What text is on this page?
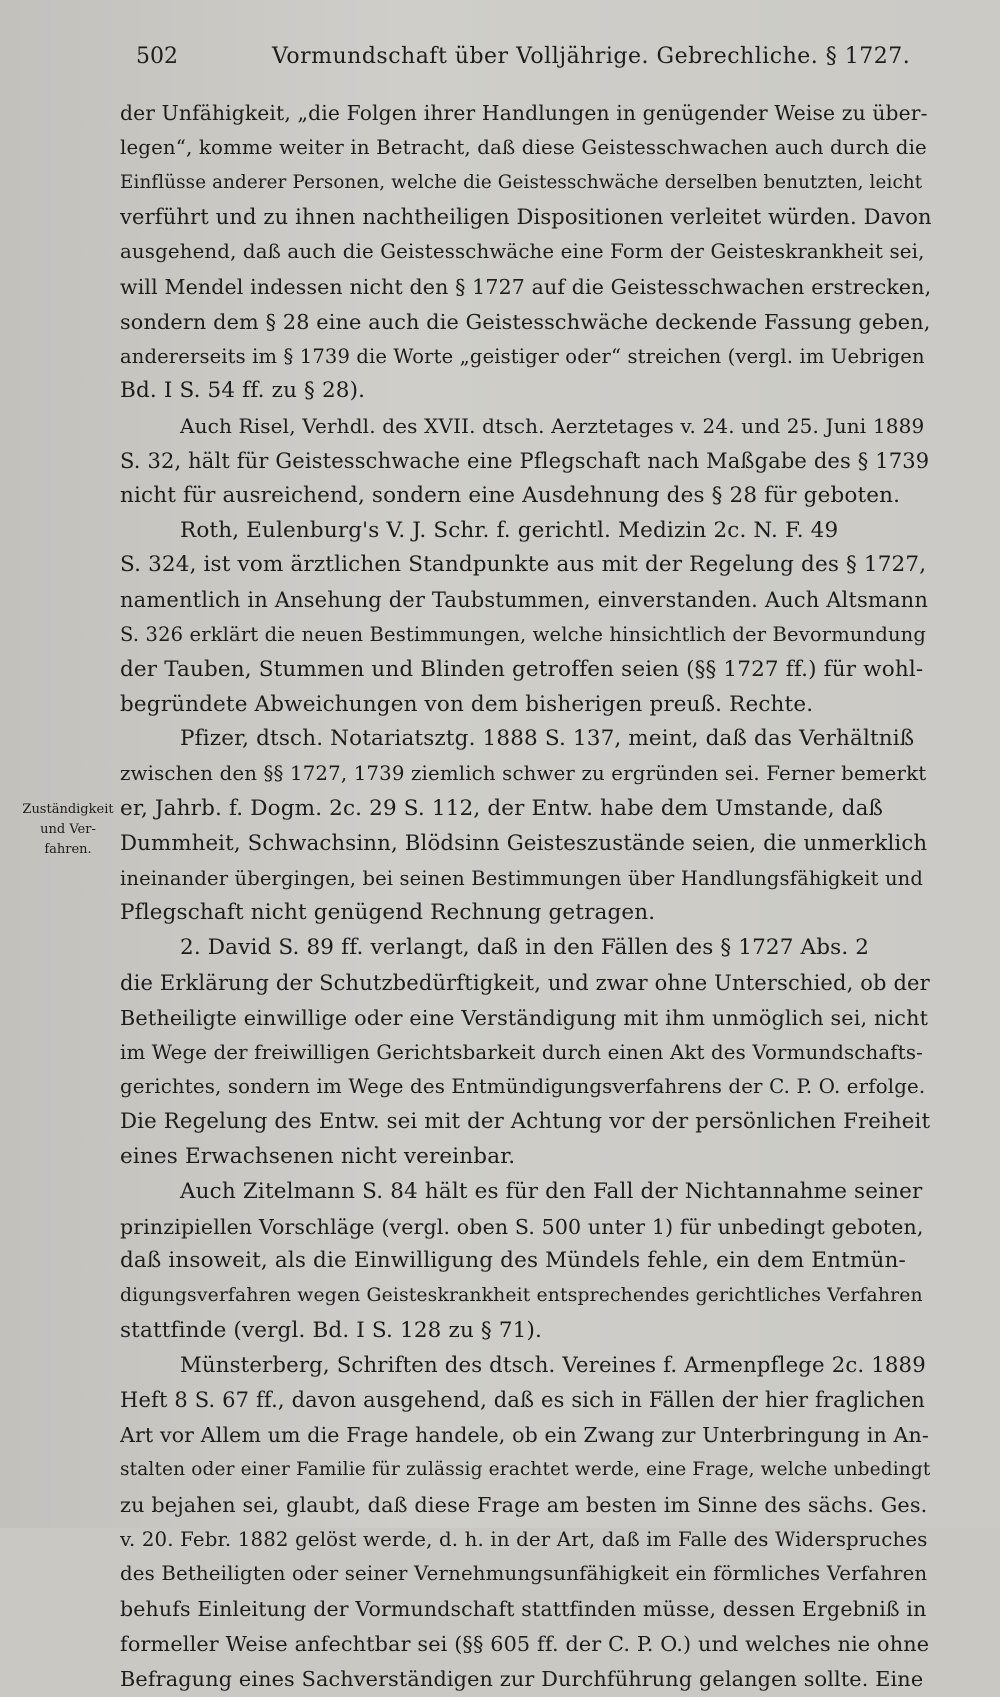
502	Vormundschaft über Volljährige. Gebrechliche. § 1727.
Zuständigkeit
und Ver-
fahren.
der Unfähigkeit, „die Folgen ihrer Handlungen in genügender Weise zu über-
legen“, komme weiter in Betracht, daß diese Geistesschwachen auch durch die
Einflüsse anderer Personen, welche die Geistesschwäche derselben benutzten, leicht
verführt und zu ihnen nachtheiligen Dispositionen verleitet würden. Davon
ausgehend, daß auch die Geistesschwäche eine Form der Geisteskrankheit sei,
will Mendel indessen nicht den § 1727 auf die Geistesschwachen erstrecken,
sondern dem § 28 eine auch die Geistesschwäche deckende Fassung geben,
andererseits im § 1739 die Worte „geistiger oder“ streichen (vergl. im Uebrigen
Bd. I S. 54 ff. zu § 28).
Auch Risel, Verhdl. des XVII. dtsch. Aerztetages v. 24. und 25. Juni 1889
S. 32, hält für Geistesschwache eine Pflegschaft nach Maßgabe des § 1739
nicht für ausreichend, sondern eine Ausdehnung des § 28 für geboten.
Roth, Eulenburg's V. J. Schr. f. gerichtl. Medizin 2c. N. F. 49
S. 324, ist vom ärztlichen Standpunkte aus mit der Regelung des § 1727,
namentlich in Ansehung der Taubstummen, einverstanden. Auch Altsmann
S. 326 erklärt die neuen Bestimmungen, welche hinsichtlich der Bevormundung
der Tauben, Stummen und Blinden getroffen seien (§§ 1727 ff.) für wohl-
begründete Abweichungen von dem bisherigen preuß. Rechte.
Pfizer, dtsch. Notariatsztg. 1888 S. 137, meint, daß das Verhältniß
zwischen den §§ 1727, 1739 ziemlich schwer zu ergründen sei. Ferner bemerkt
er, Jahrb. f. Dogm. 2c. 29 S. 112, der Entw. habe dem Umstande, daß
Dummheit, Schwachsinn, Blödsinn Geisteszustände seien, die unmerklich
ineinander übergingen, bei seinen Bestimmungen über Handlungsfähigkeit und
Pflegschaft nicht genügend Rechnung getragen.
2. David S. 89 ff. verlangt, daß in den Fällen des § 1727 Abs. 2
die Erklärung der Schutzbedürftigkeit, und zwar ohne Unterschied, ob der
Betheiligte einwillige oder eine Verständigung mit ihm unmöglich sei, nicht
im Wege der freiwilligen Gerichtsbarkeit durch einen Akt des Vormundschafts-
gerichtes, sondern im Wege des Entmündigungsverfahrens der C. P. O. erfolge.
Die Regelung des Entw. sei mit der Achtung vor der persönlichen Freiheit
eines Erwachsenen nicht vereinbar.
Auch Zitelmann S. 84 hält es für den Fall der Nichtannahme seiner
prinzipiellen Vorschläge (vergl. oben S. 500 unter 1) für unbedingt geboten,
daß insoweit, als die Einwilligung des Mündels fehle, ein dem Entmün-
digungsverfahren wegen Geisteskrankheit entsprechendes gerichtliches Verfahren
stattfinde (vergl. Bd. I S. 128 zu § 71).
Münsterberg, Schriften des dtsch. Vereines f. Armenpflege 2c. 1889
Heft 8 S. 67 ff., davon ausgehend, daß es sich in Fällen der hier fraglichen
Art vor Allem um die Frage handele, ob ein Zwang zur Unterbringung in An-
stalten oder einer Familie für zulässig erachtet werde, eine Frage, welche unbedingt
zu bejahen sei, glaubt, daß diese Frage am besten im Sinne des sächs. Ges.
v. 20. Febr. 1882 gelöst werde, d. h. in der Art, daß im Falle des Widerspruches
des Betheiligten oder seiner Vernehmungsunfähigkeit ein förmliches Verfahren
behufs Einleitung der Vormundschaft stattfinden müsse, dessen Ergebniß in
formeller Weise anfechtbar sei (§§ 605 ff. der C. P. O.) und welches nie ohne
Befragung eines Sachverständigen zur Durchführung gelangen sollte. Eine
